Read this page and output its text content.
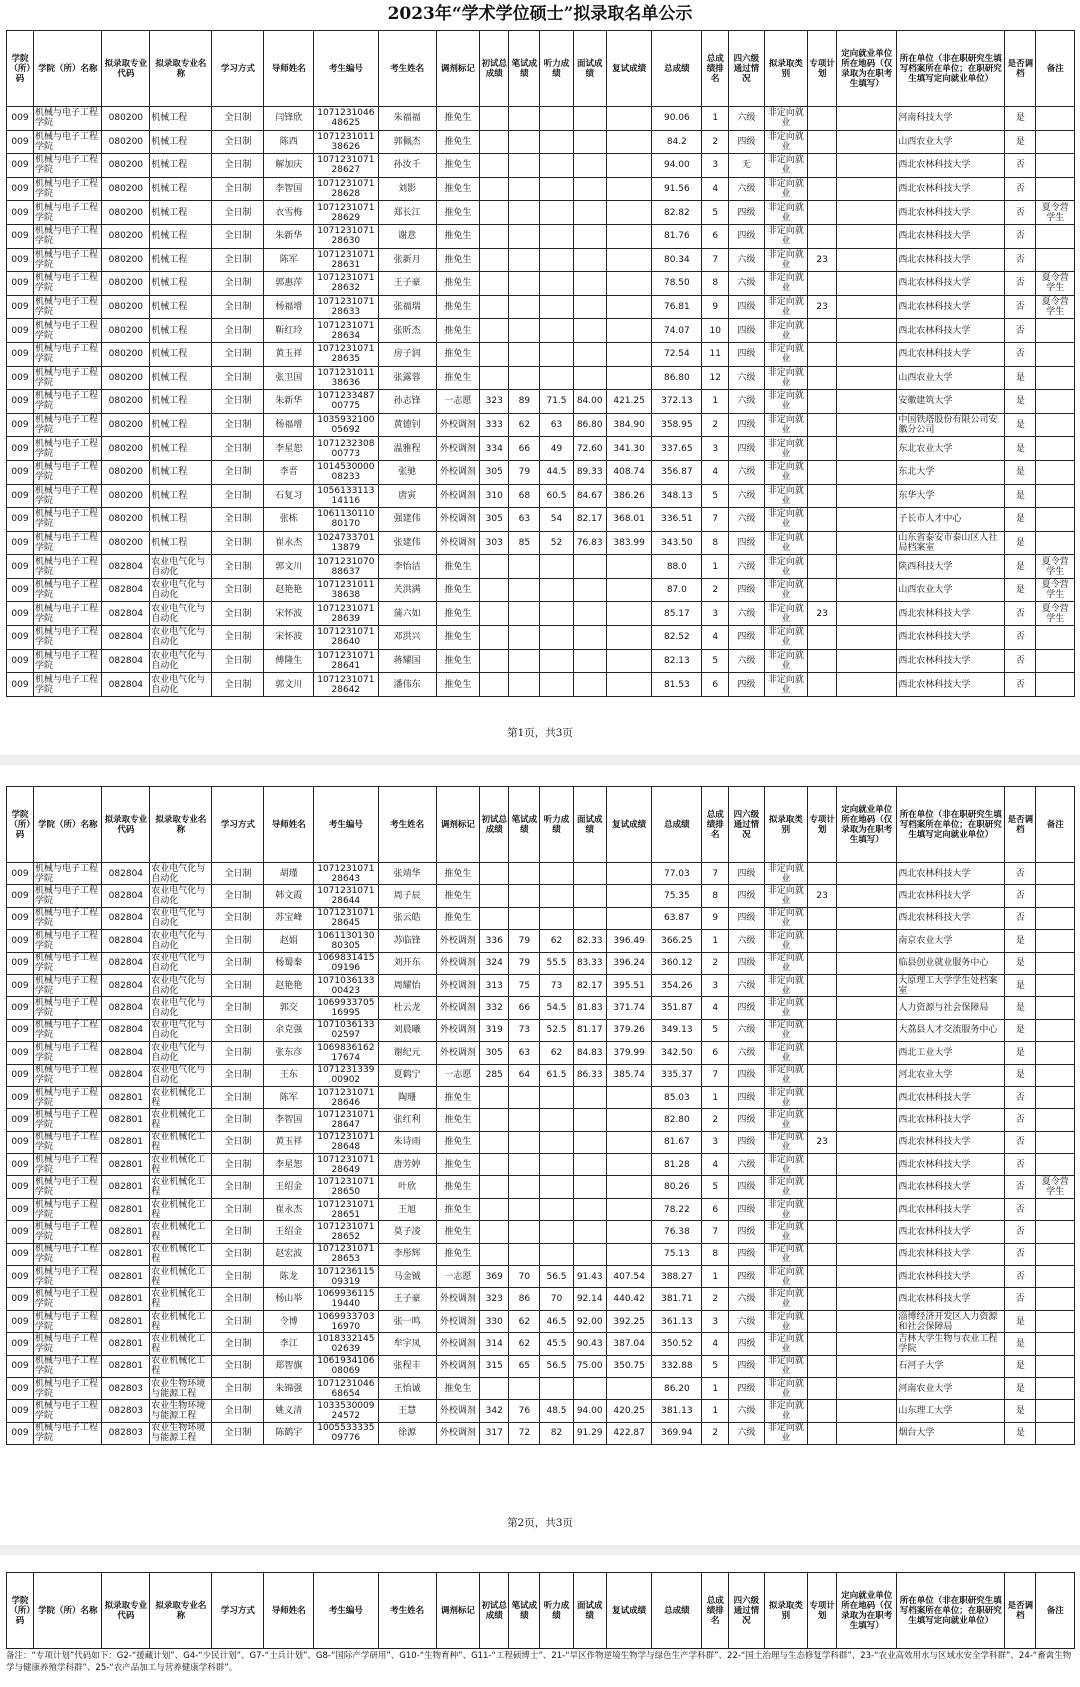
2023年“学术学位硕士”拟录取名单公示
学院（所）码	学院（所）名称	拟录取专业代码	拟录取专业名称	学习方式	导师姓名	考生编号	考生姓名	调剂标记	初试总成绩	笔试成绩	听力成绩	面试成绩	复试成绩	总成绩	总成绩排名	四六级通过情况	拟录取类别	专项计划	定向就业单位所在地码（仅录取为在职考生填写）	所在单位（非在职研究生填写档案所在单位；在职研究生填写定向就业单位）	是否调档	备注
009	机械与电子工程学院	080200	机械工程	全日制	闫锋欣	107123104648625	朱福福	推免生						90.06	1	六级	非定向就业			河南科技大学	是	
009	机械与电子工程学院	080200	机械工程	全日制	陈西	107123101138626	郭佩杰	推免生						84.2	2	四级	非定向就业			山西农业大学	是	
009	机械与电子工程学院	080200	机械工程	全日制	解加庆	107123107128627	孙汝千	推免生						94.00	3	无	非定向就业			西北农林科技大学	否	
009	机械与电子工程学院	080200	机械工程	全日制	李智国	107123107128628	刘影	推免生						91.56	4	六级	非定向就业			西北农林科技大学	否	
009	机械与电子工程学院	080200	机械工程	全日制	衣雪梅	107123107128629	郑长江	推免生						82.82	5	四级	非定向就业			西北农林科技大学	否	夏令营学生
009	机械与电子工程学院	080200	机械工程	全日制	朱新华	107123107128630	谢意	推免生						81.76	6	四级	非定向就业			西北农林科技大学	否	
009	机械与电子工程学院	080200	机械工程	全日制	陈军	107123107128631	张新月	推免生						80.34	7	六级	非定向就业	23		西北农林科技大学	否	
009	机械与电子工程学院	080200	机械工程	全日制	郭惠萍	107123107128632	王子豪	推免生						78.50	8	六级	非定向就业			西北农林科技大学	否	夏令营学生
009	机械与电子工程学院	080200	机械工程	全日制	杨福增	107123107128633	张福瑞	推免生						76.81	9	四级	非定向就业	23		西北农林科技大学	否	夏令营学生
009	机械与电子工程学院	080200	机械工程	全日制	靳红玲	107123107128634	张昕杰	推免生						74.07	10	四级	非定向就业			西北农林科技大学	否	
009	机械与电子工程学院	080200	机械工程	全日制	黄玉祥	107123107128635	房子润	推免生						72.54	11	四级	非定向就业			西北农林科技大学	否	
009	机械与电子工程学院	080200	机械工程	全日制	张卫国	107123101138636	张露蓉	推免生						86.80	12	六级	非定向就业			山西农业大学	是	
009	机械与电子工程学院	080200	机械工程	全日制	朱新华	107123348700775	孙志锋	一志愿	323	89	71.5	84.00	421.25	372.13	1	六级	非定向就业			安徽建筑大学	是	
009	机械与电子工程学院	080200	机械工程	全日制	杨福增	103593210005692	黄德钊	外校调剂	333	62	63	86.80	384.90	358.95	2	四级	非定向就业			中国铁塔股份有限公司安徽分公司	是	
009	机械与电子工程学院	080200	机械工程	全日制	李星恕	107123230800773	温雅程	外校调剂	334	66	49	72.60	341.30	337.65	3	四级	非定向就业			东北农业大学	是	
009	机械与电子工程学院	080200	机械工程	全日制	李晋	101453000008233	张驰	外校调剂	305	79	44.5	89.33	408.74	356.87	4	六级	非定向就业			东北大学	是	
009	机械与电子工程学院	080200	机械工程	全日制	石复习	105613311314116	唐寅	外校调剂	310	68	60.5	84.67	386.26	348.13	5	六级	非定向就业			东华大学	是	
009	机械与电子工程学院	080200	机械工程	全日制	张栋	106113011080170	强建伟	外校调剂	305	63	54	82.17	368.01	336.51	7	六级	非定向就业			子长市人才中心	是	
009	机械与电子工程学院	080200	机械工程	全日制	崔永杰	102473370113879	张建伟	外校调剂	303	85	52	76.83	383.99	343.50	8	四级	非定向就业			山东省泰安市泰山区人社局档案室	是	
009	机械与电子工程学院	082804	农业电气化与自动化	全日制	郭文川	107123107088637	李怡洁	推免生						88.0	1	六级	非定向就业			陕西科技大学	是	夏令营学生
009	机械与电子工程学院	082804	农业电气化与自动化	全日制	赵艳艳	107123101138638	关洪满	推免生						87.0	2	四级	非定向就业			山西农业大学	是	夏令营学生
009	机械与电子工程学院	082804	农业电气化与自动化	全日制	宋怀波	107123107128639	蒲六如	推免生						85.17	3	六级	非定向就业	23		西北农林科技大学	否	夏令营学生
009	机械与电子工程学院	082804	农业电气化与自动化	全日制	宋怀波	107123107128640	邓洪兴	推免生						82.52	4	四级	非定向就业			西北农林科技大学	否	
009	机械与电子工程学院	082804	农业电气化与自动化	全日制	傅隆生	107123107128641	蒋耀国	推免生						82.13	5	六级	非定向就业			西北农林科技大学	否	
009	机械与电子工程学院	082804	农业电气化与自动化	全日制	郭文川	107123107128642	潘伟东	推免生						81.53	6	四级	非定向就业			西北农林科技大学	否	
第1页，共3页
学院（所）码	学院（所）名称	拟录取专业代码	拟录取专业名称	学习方式	导师姓名	考生编号	考生姓名	调剂标记	初试总成绩	笔试成绩	听力成绩	面试成绩	复试成绩	总成绩	总成绩排名	四六级通过情况	拟录取类别	专项计划	定向就业单位所在地码（仅录取为在职考生填写）	所在单位（非在职研究生填写档案所在单位；在职研究生填写定向就业单位）	是否调档	备注
009	机械与电子工程学院	082804	农业电气化与自动化	全日制	胡瑾	107123107128643	张靖华	推免生						77.03	7	四级	非定向就业			西北农林科技大学	否	
009	机械与电子工程学院	082804	农业电气化与自动化	全日制	韩文霞	107123107128644	周子辰	推免生						75.35	8	四级	非定向就业	23		西北农林科技大学	否	
009	机械与电子工程学院	082804	农业电气化与自动化	全日制	苏宝峰	107123107128645	张云皓	推免生						63.87	9	四级	非定向就业			西北农林科技大学	否	
009	机械与电子工程学院	082804	农业电气化与自动化	全日制	赵娟	106113013080305	苏临锋	外校调剂	336	79	62	82.33	396.49	366.25	1	六级	非定向就业			南京农业大学	是	
009	机械与电子工程学院	082804	农业电气化与自动化	全日制	杨蜀秦	106983141509196	刘开东	外校调剂	324	79	55.5	83.33	396.24	360.12	2	四级	非定向就业			临县创业就业服务中心	是	
009	机械与电子工程学院	082804	农业电气化与自动化	全日制	赵艳艳	107103613300423	周耀怡	外校调剂	313	75	73	82.17	395.51	354.26	3	六级	非定向就业			大原理工大学学生处档案室	是	
009	机械与电子工程学院	082804	农业电气化与自动化	全日制	郭交	106993370516995	杜云龙	外校调剂	332	66	54.5	81.83	371.74	351.87	4	四级	非定向就业			人力资源与社会保障局	是	
009	机械与电子工程学院	082804	农业电气化与自动化	全日制	余克强	107103613302597	刘晨曦	外校调剂	319	73	52.5	81.17	379.26	349.13	5	六级	非定向就业			大荔县人才交流服务中心	是	
009	机械与电子工程学院	082804	农业电气化与自动化	全日制	张东彦	106983616217674	谢纪元	外校调剂	305	63	62	84.83	379.99	342.50	6	六级	非定向就业			西北工业大学	是	
009	机械与电子工程学院	082804	农业电气化与自动化	全日制	王东	107123133900902	夏鹤宁	一志愿	285	64	61.5	86.33	385.74	335.37	7	四级	非定向就业			河北农业大学	是	
009	机械与电子工程学院	082801	农业机械化工程	全日制	陈军	107123107128646	陶珊	推免生						85.03	1	四级	非定向就业			西北农林科技大学	否	
009	机械与电子工程学院	082801	农业机械化工程	全日制	李智国	107123107128647	张红利	推免生						82.80	2	四级	非定向就业			西北农林科技大学	否	
009	机械与电子工程学院	082801	农业机械化工程	全日制	黄玉祥	107123107128648	朱诗雨	推免生						81.67	3	四级	非定向就业	23		西北农林科技大学	否	
009	机械与电子工程学院	082801	农业机械化工程	全日制	李星恕	107123107128649	唐芳婷	推免生						81.28	4	六级	非定向就业			西北农林科技大学	否	
009	机械与电子工程学院	082801	农业机械化工程	全日制	王绍金	107123107128650	叶欣	推免生						80.26	5	四级	非定向就业			西北农林科技大学	否	夏令营学生
009	机械与电子工程学院	082801	农业机械化工程	全日制	崔永杰	107123107128651	王旭	推免生						78.22	6	四级	非定向就业			西北农林科技大学	否	
009	机械与电子工程学院	082801	农业机械化工程	全日制	王绍金	107123107128652	莫子凌	推免生						76.38	7	四级	非定向就业			西北农林科技大学	否	
009	机械与电子工程学院	082801	农业机械化工程	全日制	赵宏波	107123107128653	李彤辉	推免生						75.13	8	四级	非定向就业			西北农林科技大学	否	
009	机械与电子工程学院	082801	农业机械化工程	全日制	陈龙	107123611509319	马金铖	一志愿	369	70	56.5	91.43	407.54	388.27	1	四级	非定向就业			西北农林科技大学	否	
009	机械与电子工程学院	082801	农业机械化工程	全日制	杨山举	106993611519440	王子豪	外校调剂	323	86	70	92.14	440.42	381.71	2	六级	非定向就业			西北农林科技大学	否	
009	机械与电子工程学院	082801	农业机械化工程	全日制	令博	106993370316970	张一鸣	外校调剂	330	62	46.5	92.00	392.25	361.13	3	六级	非定向就业			淄博经济开发区人力资源和社会保障局	是	
009	机械与电子工程学院	082801	农业机械化工程	全日制	李江	101833214502639	牟宇凤	外校调剂	314	62	45.5	90.43	387.04	350.52	4	四级	非定向就业			吉林大学生物与农业工程学院	是	
009	机械与电子工程学院	082801	农业机械化工程	全日制	郑智旗	106193410608069	张程丰	外校调剂	315	65	56.5	75.00	350.75	332.88	5	四级	非定向就业			石河子大学	是	
009	机械与电子工程学院	082803	农业生物环境与能源工程	全日制	朱锦强	107123104668654	王怡诚	推免生						86.20	1	四级	非定向就业			河南农业大学	是	
009	机械与电子工程学院	082803	农业生物环境与能源工程	全日制	姚义清	103353000924572	王慧	外校调剂	342	76	48.5	94.00	420.25	381.13	1	六级	非定向就业			山东理工大学	是	
009	机械与电子工程学院	082803	农业生物环境与能源工程	全日制	陈鹤宇	100553333509776	徐源	外校调剂	317	72	82	91.29	422.87	369.94	2	六级	非定向就业			烟台大学	是	
第2页，共3页
学院（所）码	学院（所）名称	拟录取专业代码	拟录取专业名称	学习方式	导师姓名	考生编号	考生姓名	调剂标记	初试总成绩	笔试成绩	听力成绩	面试成绩	复试成绩	总成绩	总成绩排名	四六级通过情况	拟录取类别	专项计划	定向就业单位所在地码（仅录取为在职考生填写）	所在单位（非在职研究生填写档案所在单位；在职研究生填写定向就业单位）	是否调档	备注
备注：“专项计划”代码如下：G2-“援藏计划”、G4-“少民计划”、G7-“士兵计划”、G8-“国际产学研用”、G10-“生物育种”、G11-“工程硕博士”、21-“旱区作物逆境生物学与绿色生产学科群”、22-“国土治理与生态修复学科群”、23-“农业高效用水与区域水安全学科群”、24-“畜禽生物学与健康养殖学科群”、25-“农产品加工与营养健康学科群”。
